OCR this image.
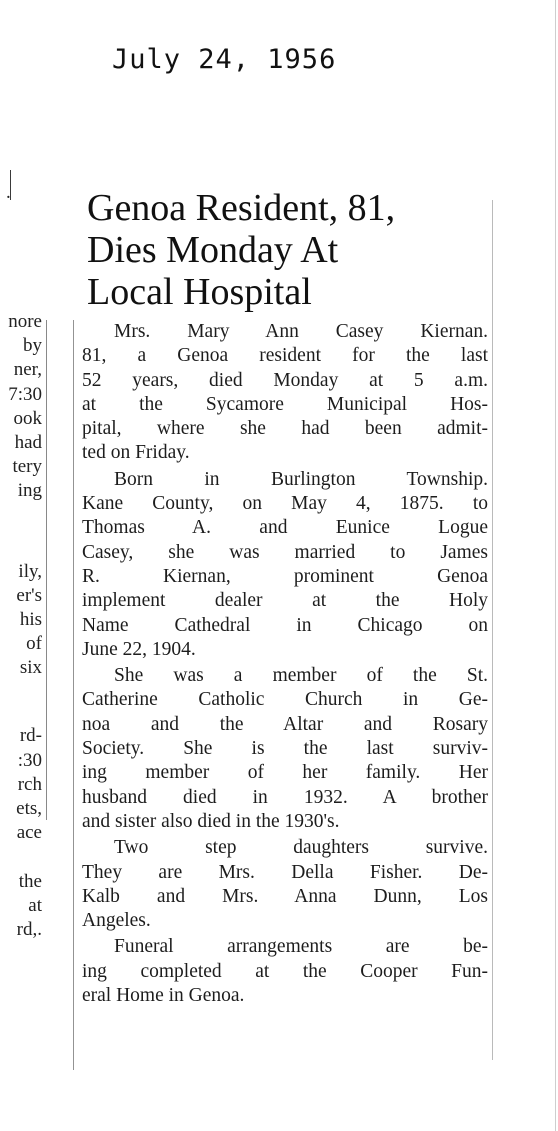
July 24, 1956
.
nore
by
ner,
7:30
ook
had
tery
ing
ily,
er's
his
of
six
rd-
:30
rch
ets,
ace
the
at
rd,.
Genoa Resident, 81,
Dies Monday At
Local Hospital
Mrs. Mary Ann Casey Kiernan.
81, a Genoa resident for the last
52 years, died Monday at 5 a.m.
at the Sycamore Municipal Hos-
pital, where she had been admit-
ted on Friday.
Born in Burlington Township.
Kane County, on May 4, 1875. to
Thomas A. and Eunice Logue
Casey, she was married to James
R. Kiernan, prominent Genoa
implement dealer at the Holy
Name Cathedral in Chicago on
June 22, 1904.
She was a member of the St.
Catherine Catholic Church in Ge-
noa and the Altar and Rosary
Society. She is the last surviv-
ing member of her family. Her
husband died in 1932. A brother
and sister also died in the 1930's.
Two step daughters survive.
They are Mrs. Della Fisher. De-
Kalb and Mrs. Anna Dunn, Los
Angeles.
Funeral arrangements are be-
ing completed at the Cooper Fun-
eral Home in Genoa.
